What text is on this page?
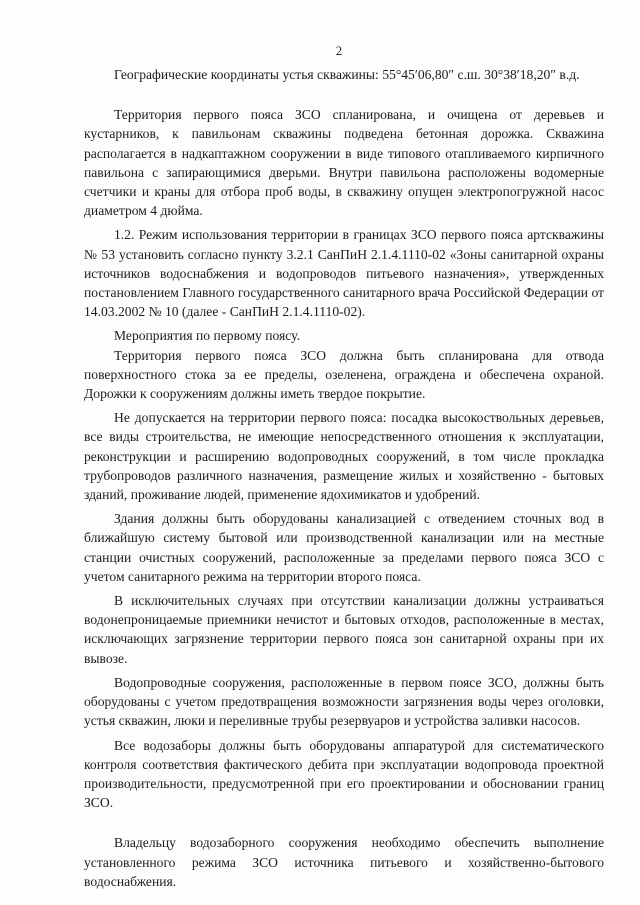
2

Географические координаты устья скважины: 55°45′06,80″ с.ш. 30°38′18,20″ в.д.

Территория первого пояса ЗСО спланирована, и очищена от деревьев и кустарников, к павильонам скважины подведена бетонная дорожка. Скважина располагается в надкаптажном сооружении в виде типового отапливаемого кирпичного павильона с запирающимися дверьми. Внутри павильона расположены водомерные счетчики и краны для отбора проб воды, в скважину опущен электропогружной насос диаметром 4 дюйма.

1.2. Режим использования территории в границах ЗСО первого пояса артскважины № 53 установить согласно пункту 3.2.1 СанПиН 2.1.4.1110-02 «Зоны санитарной охраны источников водоснабжения и водопроводов питьевого назначения», утвержденных постановлением Главного государственного санитарного врача Российской Федерации от 14.03.2002 № 10 (далее - СанПиН 2.1.4.1110-02).

Мероприятия по первому поясу.

Территория первого пояса ЗСО должна быть спланирована для отвода поверхностного стока за ее пределы, озеленена, ограждена и обеспечена охраной. Дорожки к сооружениям должны иметь твердое покрытие.

Не допускается на территории первого пояса: посадка высокоствольных деревьев, все виды строительства, не имеющие непосредственного отношения к эксплуатации, реконструкции и расширению водопроводных сооружений, в том числе прокладка трубопроводов различного назначения, размещение жилых и хозяйственно - бытовых зданий, проживание людей, применение ядохимикатов и удобрений.

Здания должны быть оборудованы канализацией с отведением сточных вод в ближайшую систему бытовой или производственной канализации или на местные станции очистных сооружений, расположенные за пределами первого пояса ЗСО с учетом санитарного режима на территории второго пояса.

В исключительных случаях при отсутствии канализации должны устраиваться водонепроницаемые приемники нечистот и бытовых отходов, расположенные в местах, исключающих загрязнение территории первого пояса зон санитарной охраны при их вывозе.

Водопроводные сооружения, расположенные в первом поясе ЗСО, должны быть оборудованы с учетом предотвращения возможности загрязнения воды через оголовки, устья скважин, люки и переливные трубы резервуаров и устройства заливки насосов.

Все водозаборы должны быть оборудованы аппаратурой для систематического контроля соответствия фактического дебита при эксплуатации водопровода проектной производительности, предусмотренной при его проектировании и обосновании границ ЗСО.

Владельцу водозаборного сооружения необходимо обеспечить выполнение установленного режима ЗСО источника питьевого и хозяйственно-бытового водоснабжения.
